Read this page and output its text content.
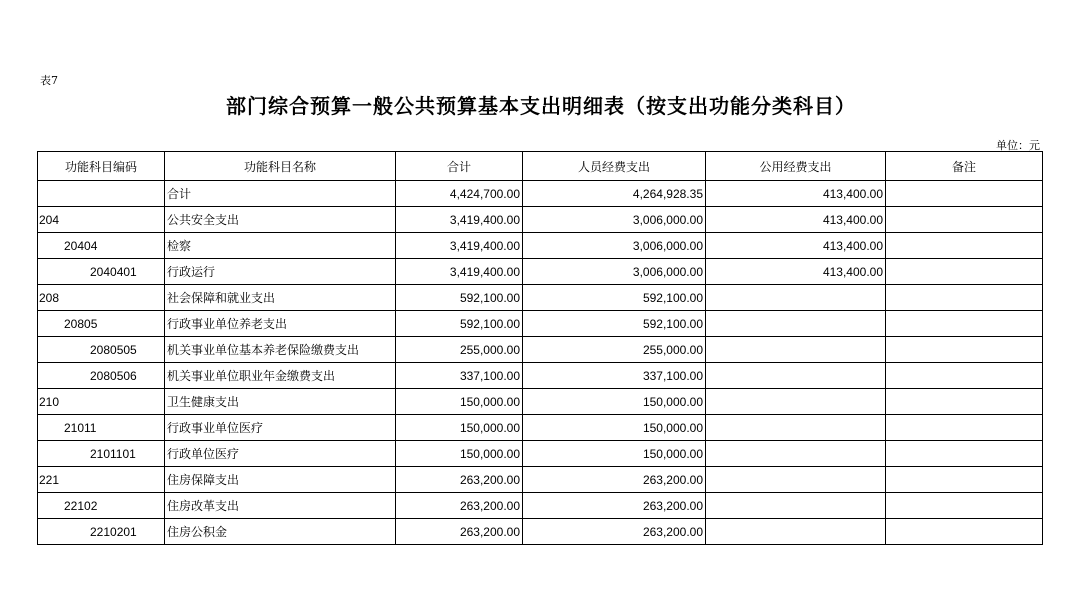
表7
部门综合预算一般公共预算基本支出明细表（按支出功能分类科目）
单位：元
功能科目编码	功能科目名称	合计	人员经费支出	公用经费支出	备注
	合计	4,424,700.00	4,264,928.35	413,400.00	
204	公共安全支出	3,419,400.00	3,006,000.00	413,400.00	
20404	检察	3,419,400.00	3,006,000.00	413,400.00	
2040401	行政运行	3,419,400.00	3,006,000.00	413,400.00	
208	社会保障和就业支出	592,100.00	592,100.00		
20805	行政事业单位养老支出	592,100.00	592,100.00		
2080505	机关事业单位基本养老保险缴费支出	255,000.00	255,000.00		
2080506	机关事业单位职业年金缴费支出	337,100.00	337,100.00		
210	卫生健康支出	150,000.00	150,000.00		
21011	行政事业单位医疗	150,000.00	150,000.00		
2101101	行政单位医疗	150,000.00	150,000.00		
221	住房保障支出	263,200.00	263,200.00		
22102	住房改革支出	263,200.00	263,200.00		
2210201	住房公积金	263,200.00	263,200.00		
